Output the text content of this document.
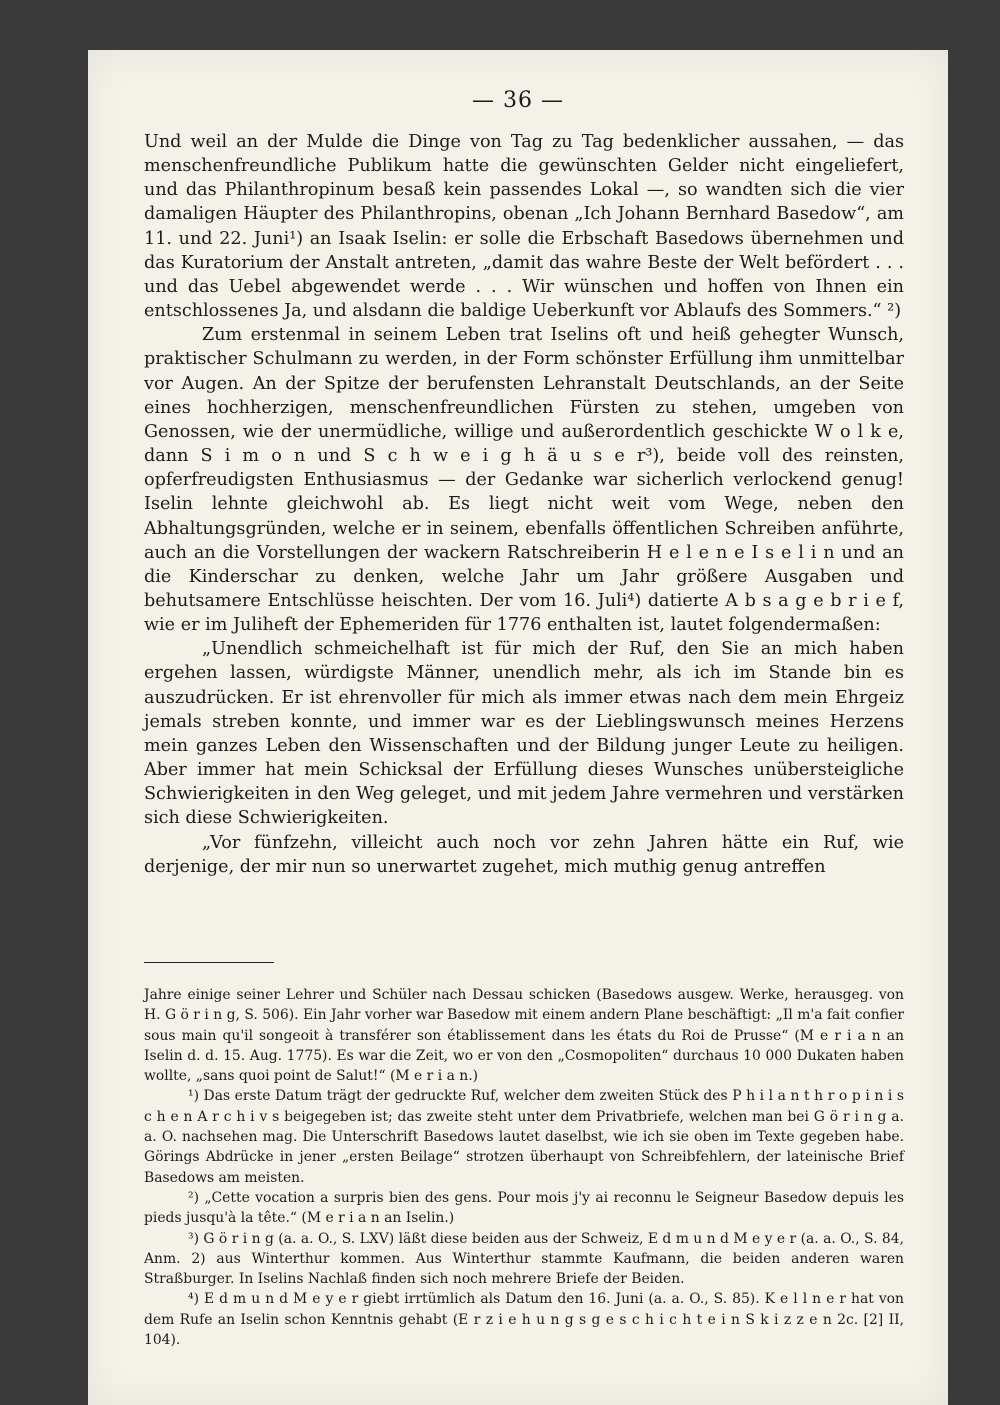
— 36 —

Und weil an der Mulde die Dinge von Tag zu Tag bedenklicher aussahen, — das menschenfreundliche Publikum hatte die gewünschten Gelder nicht eingeliefert, und das Philanthropinum besaß kein passendes Lokal —, so wandten sich die vier damaligen Häupter des Philanthropins, obenan „Ich Johann Bernhard Basedow“, am 11. und 22. Juni¹) an Isaak Iselin: er solle die Erbschaft Basedows übernehmen und das Kuratorium der Anstalt antreten, „damit das wahre Beste der Welt befördert . . . und das Uebel abgewendet werde . . . Wir wünschen und hoffen von Ihnen ein entschlossenes Ja, und alsdann die baldige Ueberkunft vor Ablaufs des Sommers.“ ²)

Zum erstenmal in seinem Leben trat Iselins oft und heiß gehegter Wunsch, praktischer Schulmann zu werden, in der Form schönster Erfüllung ihm unmittelbar vor Augen. An der Spitze der berufensten Lehranstalt Deutschlands, an der Seite eines hochherzigen, menschenfreundlichen Fürsten zu stehen, umgeben von Genossen, wie der unermüdliche, willige und außerordentlich geschickte W o l k e, dann S i m o n und S c h w e i g h ä u s e r³), beide voll des reinsten, opferfreudigsten Enthusiasmus — der Gedanke war sicherlich verlockend genug! Iselin lehnte gleichwohl ab. Es liegt nicht weit vom Wege, neben den Abhaltungsgründen, welche er in seinem, ebenfalls öffentlichen Schreiben anführte, auch an die Vorstellungen der wackern Ratschreiberin H e l e n e I s e l i n und an die Kinderschar zu denken, welche Jahr um Jahr größere Ausgaben und behutsamere Entschlüsse heischten. Der vom 16. Juli⁴) datierte A b s a g e b r i e f, wie er im Juliheft der Ephemeriden für 1776 enthalten ist, lautet folgendermaßen:

„Unendlich schmeichelhaft ist für mich der Ruf, den Sie an mich haben ergehen lassen, würdigste Männer, unendlich mehr, als ich im Stande bin es auszudrücken. Er ist ehrenvoller für mich als immer etwas nach dem mein Ehrgeiz jemals streben konnte, und immer war es der Lieblingswunsch meines Herzens mein ganzes Leben den Wissenschaften und der Bildung junger Leute zu heiligen. Aber immer hat mein Schicksal der Erfüllung dieses Wunsches unübersteigliche Schwierigkeiten in den Weg geleget, und mit jedem Jahre vermehren und verstärken sich diese Schwierigkeiten.

„Vor fünfzehn, villeicht auch noch vor zehn Jahren hätte ein Ruf, wie derjenige, der mir nun so unerwartet zugehet, mich muthig genug antreffen

Jahre einige seiner Lehrer und Schüler nach Dessau schicken (Basedows ausgew. Werke, herausgeg. von H. G ö r i n g, S. 506). Ein Jahr vorher war Basedow mit einem andern Plane beschäftigt: „Il m'a fait confier sous main qu'il songeoit à transférer son établissement dans les états du Roi de Prusse“ (M e r i a n an Iselin d. d. 15. Aug. 1775). Es war die Zeit, wo er von den „Cosmopoliten“ durchaus 10 000 Dukaten haben wollte, „sans quoi point de Salut!“ (M e r i a n.)

¹) Das erste Datum trägt der gedruckte Ruf, welcher dem zweiten Stück des P h i l a n t h r o p i n i s c h e n A r c h i v s beigegeben ist; das zweite steht unter dem Privatbriefe, welchen man bei G ö r i n g a. a. O. nachsehen mag. Die Unterschrift Basedows lautet daselbst, wie ich sie oben im Texte gegeben habe. Görings Abdrücke in jener „ersten Beilage“ strotzen überhaupt von Schreibfehlern, der lateinische Brief Basedows am meisten.

²) „Cette vocation a surpris bien des gens. Pour mois j'y ai reconnu le Seigneur Basedow depuis les pieds jusqu'à la tête.“ (M e r i a n an Iselin.)

³) G ö r i n g (a. a. O., S. LXV) läßt diese beiden aus der Schweiz, E d m u n d M e y e r (a. a. O., S. 84, Anm. 2) aus Winterthur kommen. Aus Winterthur stammte Kaufmann, die beiden anderen waren Straßburger. In Iselins Nachlaß finden sich noch mehrere Briefe der Beiden.

⁴) E d m u n d M e y e r giebt irrtümlich als Datum den 16. Juni (a. a. O., S. 85). K e l l n e r hat von dem Rufe an Iselin schon Kenntnis gehabt (E r z i e h u n g s g e s c h i c h t e i n S k i z z e n 2c. [2] II, 104).
